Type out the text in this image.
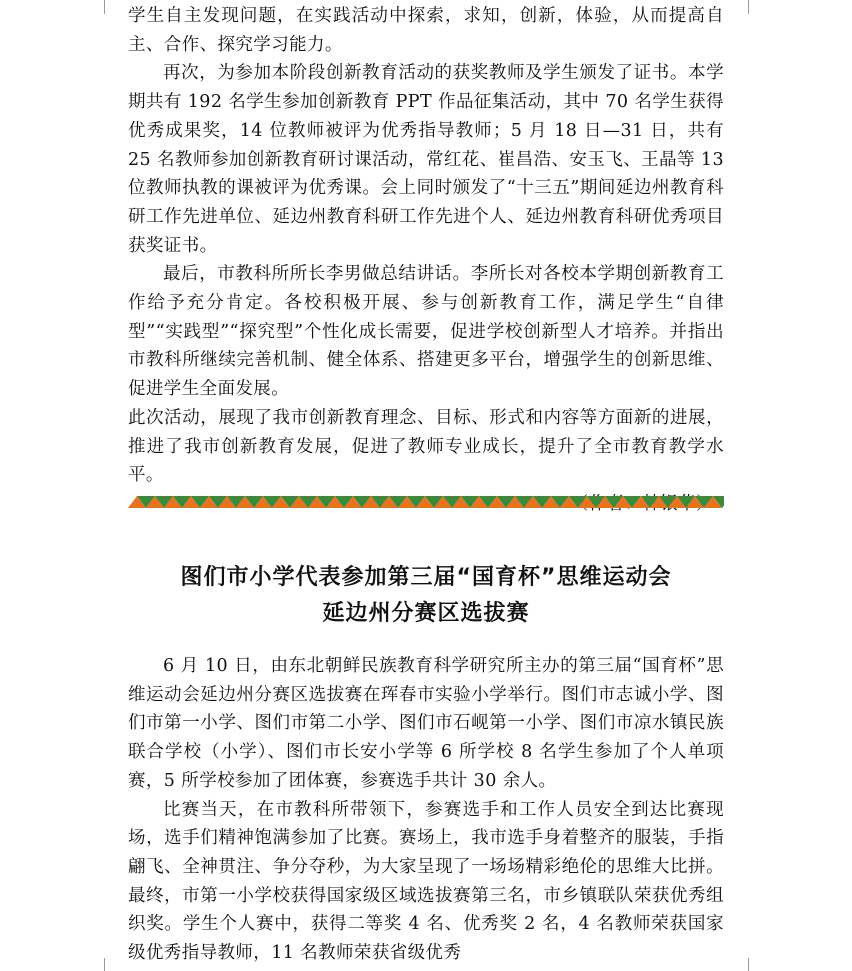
学生自主发现问题，在实践活动中探索，求知，创新，体验，从而提高自主、合作、探究学习能力。

再次，为参加本阶段创新教育活动的获奖教师及学生颁发了证书。本学期共有 192 名学生参加创新教育 PPT 作品征集活动，其中 70 名学生获得优秀成果奖，14 位教师被评为优秀指导教师；5 月 18 日—31 日，共有 25 名教师参加创新教育研讨课活动，常红花、崔昌浩、安玉飞、王晶等 13 位教师执教的课被评为优秀课。会上同时颁发了“十三五”期间延边州教育科研工作先进单位、延边州教育科研工作先进个人、延边州教育科研优秀项目获奖证书。

最后，市教科所所长李男做总结讲话。李所长对各校本学期创新教育工作给予充分肯定。各校积极开展、参与创新教育工作，满足学生“自律型”“实践型”“探究型”个性化成长需要，促进学校创新型人才培养。并指出市教科所继续完善机制、健全体系、搭建更多平台，增强学生的创新思维、促进学生全面发展。

此次活动，展现了我市创新教育理念、目标、形式和内容等方面新的进展，推进了我市创新教育发展，促进了教师专业成长，提升了全市教育教学水平。

图们市小学代表参加第三届“国育杯”思维运动会
延边州分赛区选拔赛

6 月 10 日，由东北朝鲜民族教育科学研究所主办的第三届“国育杯”思维运动会延边州分赛区选拔赛在珲春市实验小学举行。图们市志诚小学、图们市第一小学、图们市第二小学、图们市石岘第一小学、图们市凉水镇民族联合学校（小学）、图们市长安小学等 6 所学校 8 名学生参加了个人单项赛，5 所学校参加了团体赛，参赛选手共计 30 余人。

比赛当天，在市教科所带领下，参赛选手和工作人员安全到达比赛现场，选手们精神饱满参加了比赛。赛场上，我市选手身着整齐的服装，手指翩飞、全神贯注、争分夺秒，为大家呈现了一场场精彩绝伦的思维大比拼。最终，市第一小学校获得国家级区域选拔赛第三名，市乡镇联队荣获优秀组织奖。学生个人赛中，获得二等奖 4 名、优秀奖 2 名，4 名教师荣获国家级优秀指导教师，11 名教师荣获省级优秀
